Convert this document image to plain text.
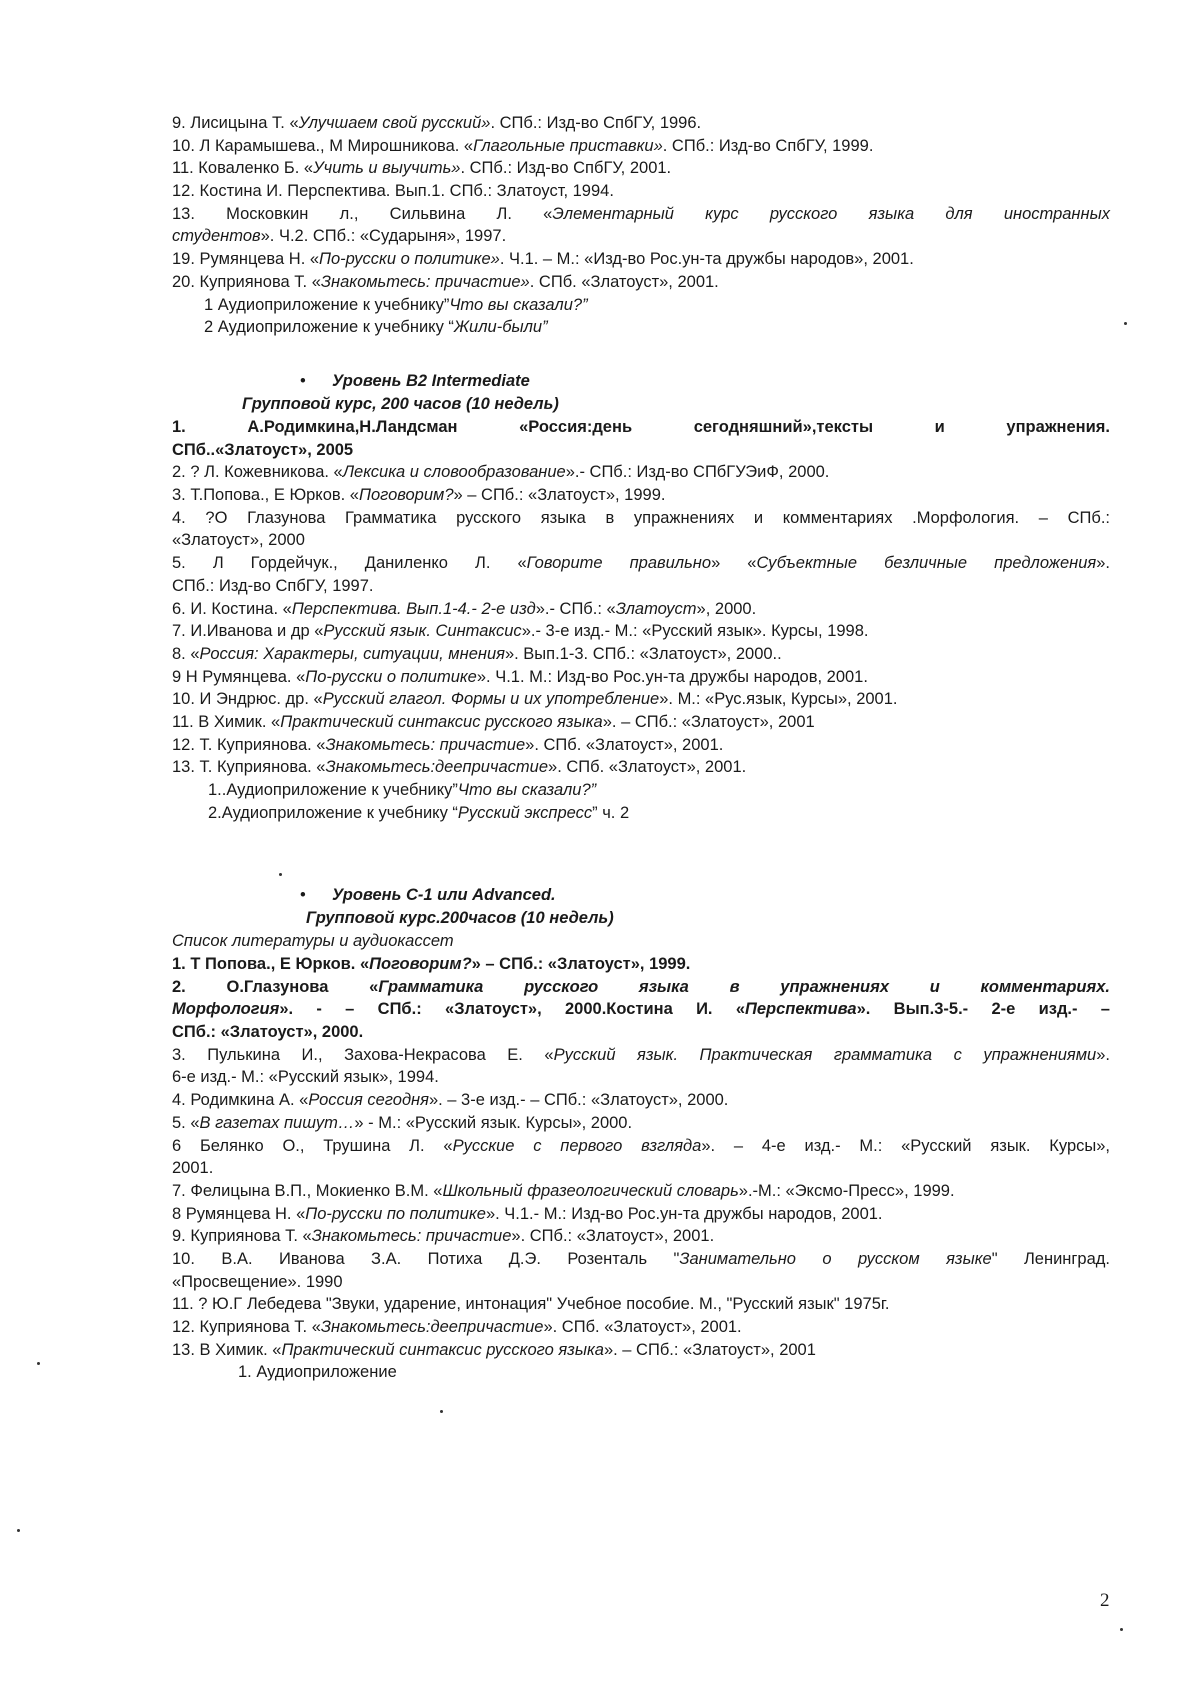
9. Лисицына Т. «Улучшаем свой русский». СПб.: Изд-во СпбГУ, 1996.
10. Л Карамышева., М Мирошникова. «Глагольные приставки». СПб.: Изд-во СпбГУ, 1999.
11. Коваленко Б. «Учить и выучить». СПб.: Изд-во СпбГУ, 2001.
12. Костина И. Перспектива. Вып.1. СПб.: Златоуст, 1994.
13. Московкин л., Сильвина Л. «Элементарный курс русского языка для иностранных
студентов». Ч.2. СПб.: «Сударыня», 1997.
19. Румянцева Н. «По-русски о политике». Ч.1. – М.: «Изд-во Рос.ун-та дружбы народов», 2001.
20. Куприянова Т. «Знакомьтесь: причастие». СПб. «Златоуст», 2001.
1 Аудиоприложение к учебнику”Что вы сказали?”
2 Аудиоприложение к учебнику “Жили-были”
• Уровень B2 Intermediate
Групповой курс, 200 часов (10 недель)
1. А.Родимкина,Н.Ландсман «Россия:день сегодняшний»,тексты и упражнения.
СПб..«Златоуст», 2005
2. ? Л. Кожевникова. «Лексика и словообразование».- СПб.: Изд-во СПбГУЭиФ, 2000.
3. Т.Попова., Е Юрков. «Поговорим?» – СПб.: «Златоуст», 1999.
4. ?О Глазунова Грамматика русского языка в упражнениях и комментариях .Морфология. – СПб.:
«Златоуст», 2000
5. Л Гордейчук., Даниленко Л. «Говорите правильно» «Субъектные безличные предложения».
СПб.: Изд-во СпбГУ, 1997.
6. И. Костина. «Перспектива. Вып.1-4.- 2-е изд».- СПб.: «Златоуст», 2000.
7. И.Иванова и др «Русский язык. Синтаксис».- 3-е изд.- М.: «Русский язык». Курсы, 1998.
8. «Россия: Характеры, ситуации, мнения». Вып.1-3. СПб.: «Златоуст», 2000..
9 Н Румянцева. «По-русски о политике». Ч.1. М.: Изд-во Рос.ун-та дружбы народов, 2001.
10. И Эндрюс. др. «Русский глагол. Формы и их употребление». М.: «Рус.язык, Курсы», 2001.
11. В Химик. «Практический синтаксис русского языка». – СПб.: «Златоуст», 2001
12. Т. Куприянова. «Знакомьтесь: причастие». СПб. «Златоуст», 2001.
13. Т. Куприянова. «Знакомьтесь:деепричастие». СПб. «Златоуст», 2001.
1..Аудиоприложение к учебнику”Что вы сказали?”
2.Аудиоприложение к учебнику “Русский экспресс” ч. 2
• Уровень С-1 или Advanced.
Групповой курс.200часов (10 недель)
Список литературы и аудиокассет
1. Т Попова., Е Юрков. «Поговорим?» – СПб.: «Златоуст», 1999.
2. О.Глазунова «Грамматика русского языка в упражнениях и комментариях.
Морфология». - – СПб.: «Златоуст», 2000.Костина И. «Перспектива». Вып.3-5.- 2-е изд.- –
СПб.: «Златоуст», 2000.
3. Пулькина И., Захова-Некрасова Е. «Русский язык. Практическая грамматика с упражнениями».
6-е изд.- М.: «Русский язык», 1994.
4. Родимкина А. «Россия сегодня». – 3-е изд.- – СПб.: «Златоуст», 2000.
5. «В газетах пишут…» - М.: «Русский язык. Курсы», 2000.
6 Белянко О., Трушина Л. «Русские с первого взгляда». – 4-е изд.- М.: «Русский язык. Курсы»,
2001.
7. Фелицына В.П., Мокиенко В.М. «Школьный фразеологический словарь».-М.: «Эксмо-Пресс», 1999.
8 Румянцева Н. «По-русски по политике». Ч.1.- М.: Изд-во Рос.ун-та дружбы народов, 2001.
9. Куприянова Т. «Знакомьтесь: причастие». СПб.: «Златоуст», 2001.
10. В.А. Иванова З.А. Потиха Д.Э. Розенталь "Занимательно о русском языке" Ленинград.
«Просвещение». 1990
11. ? Ю.Г Лебедева "Звуки, ударение, интонация" Учебное пособие. М., "Русский язык" 1975г.
12. Куприянова Т. «Знакомьтесь:деепричастие». СПб. «Златоуст», 2001.
13. В Химик. «Практический синтаксис русского языка». – СПб.: «Златоуст», 2001
1. Аудиоприложение
2
